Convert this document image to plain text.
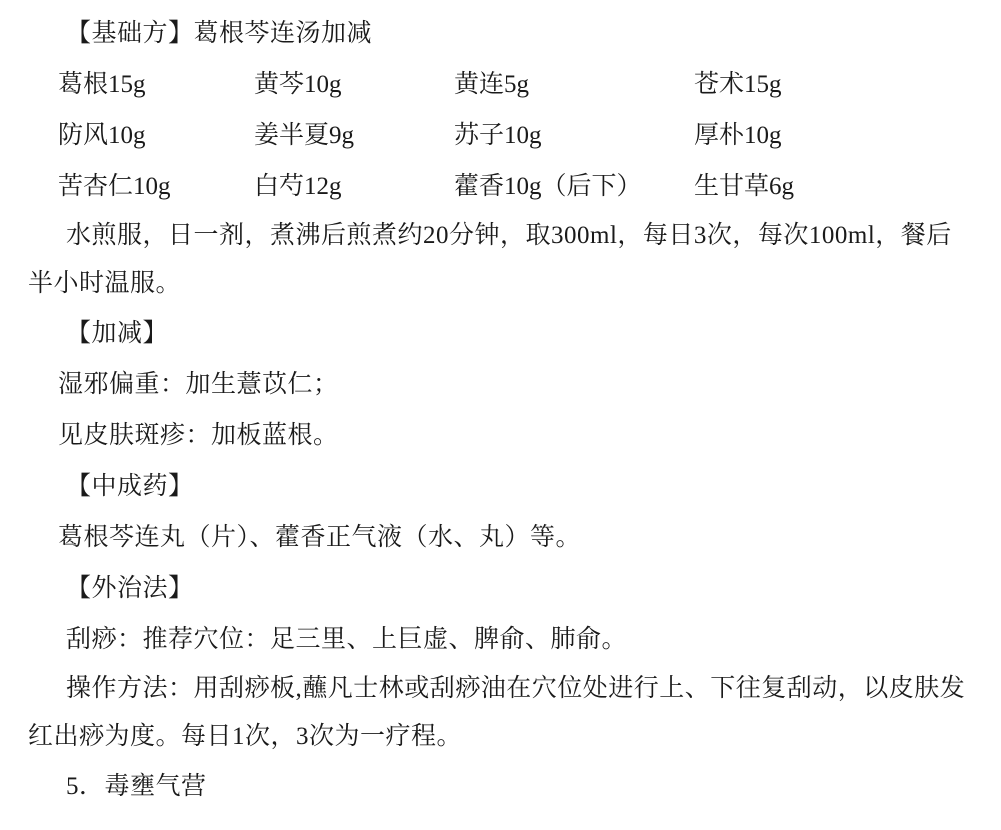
【基础方】葛根芩连汤加减
葛根15g	黄芩10g	黄连5g	苍术15g
防风10g	姜半夏9g	苏子10g	厚朴10g
苦杏仁10g	白芍12g	藿香10g（后下）	生甘草6g
水煎服，日一剂，煮沸后煎煮约20分钟，取300ml，每日3次，每次100ml，餐后半小时温服。
【加减】
湿邪偏重：加生薏苡仁；
见皮肤斑疹：加板蓝根。
【中成药】
葛根芩连丸（片）、藿香正气液（水、丸）等。
【外治法】
刮痧：推荐穴位：足三里、上巨虚、脾俞、肺俞。
操作方法：用刮痧板,蘸凡士林或刮痧油在穴位处进行上、下往复刮动，以皮肤发红出痧为度。每日1次，3次为一疗程。
5．毒壅气营
